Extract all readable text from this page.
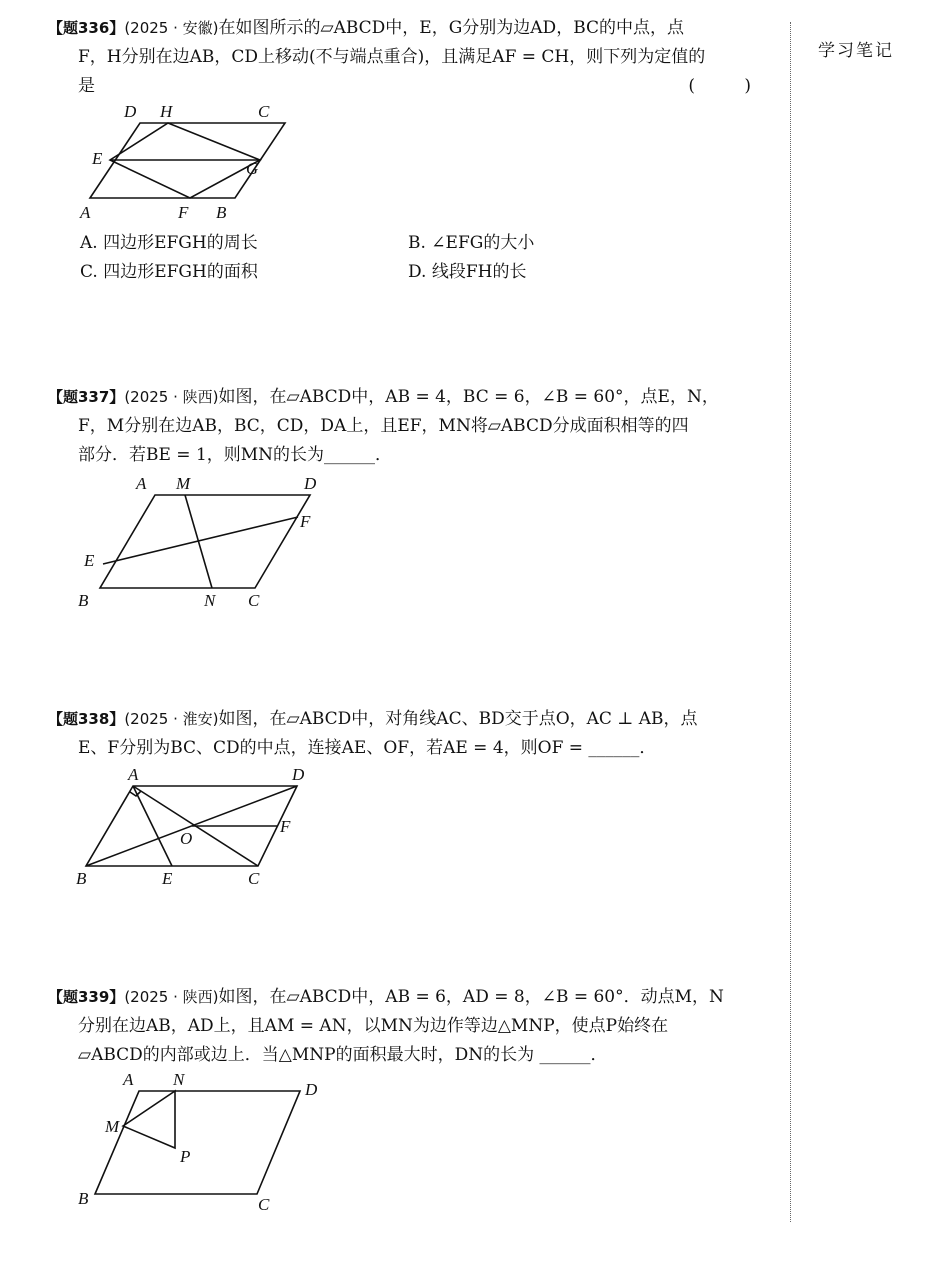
学习笔记

【题336】(2025 · 安徽)在如图所示的▱ABCD中，E，G分别为边AD，BC的中点，点

F，H分别在边AB，CD上移动(不与端点重合)，且满足AF = CH，则下列为定值的

是	( )
D H	C
E
G
A	F B
A. 四边形EFGH的周长	B. ∠EFG的大小
C. 四边形EFGH的面积	D. 线段FH的长

【题337】(2025 · 陕西)如图，在▱ABCD中，AB = 4，BC = 6，∠B = 60°，点E，N，

F，M分别在边AB，BC，CD，DA上，且EF，MN将▱ABCD分成面积相等的四

部分．若BE = 1，则MN的长为______．

A M	D
F
E
B	N C

【题338】(2025 · 淮安)如图，在▱ABCD中，对角线AC、BD交于点O，AC ⊥ AB，点

E、F分别为BC、CD的中点，连接AE、OF，若AE = 4，则OF = ______．

A	D
F
O
B	E	C

【题339】(2025 · 陕西)如图，在▱ABCD中，AB = 6，AD = 8，∠B = 60°．动点M，N

分别在边AB，AD上，且AM = AN，以MN为边作等边△MNP，使点P始终在

▱ABCD的内部或边上．当△MNP的面积最大时，DN的长为 ______．

A N
D
M
P
B	C
